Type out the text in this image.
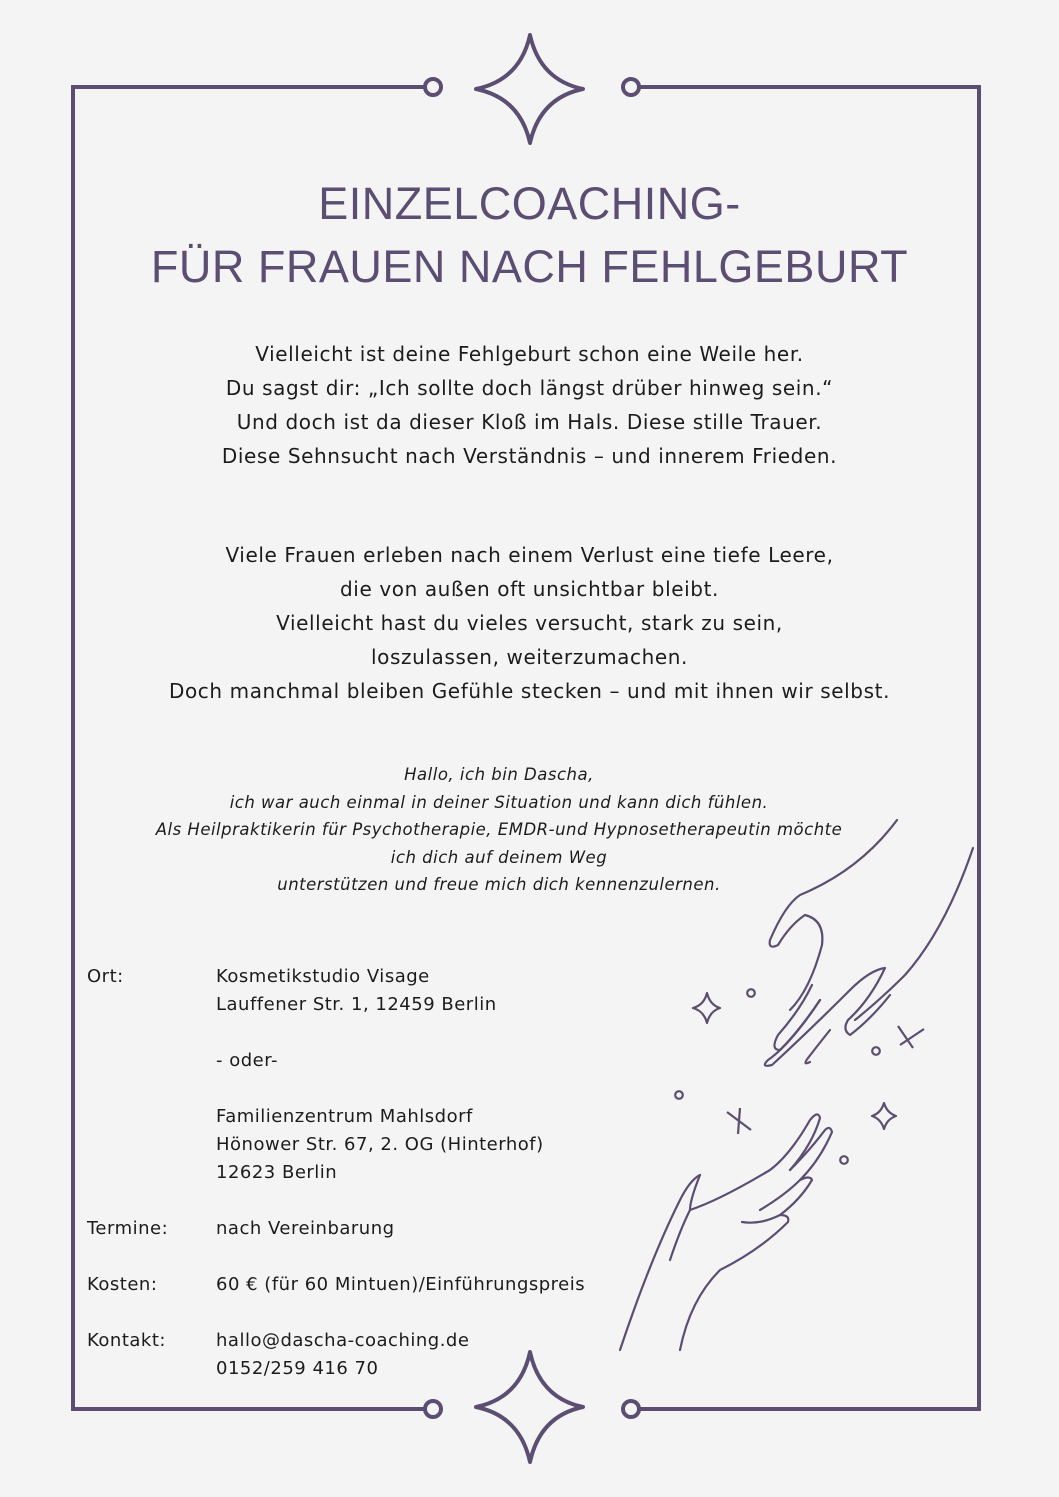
EINZELCOACHING-
FÜR FRAUEN NACH FEHLGEBURT
Vielleicht ist deine Fehlgeburt schon eine Weile her.
Du sagst dir: „Ich sollte doch längst drüber hinweg sein.“
Und doch ist da dieser Kloß im Hals. Diese stille Trauer.
Diese Sehnsucht nach Verständnis – und innerem Frieden.
Viele Frauen erleben nach einem Verlust eine tiefe Leere,
die von außen oft unsichtbar bleibt.
Vielleicht hast du vieles versucht, stark zu sein,
loszulassen, weiterzumachen.
Doch manchmal bleiben Gefühle stecken – und mit ihnen wir selbst.
Hallo, ich bin Dascha,
ich war auch einmal in deiner Situation und kann dich fühlen.
Als Heilpraktikerin für Psychotherapie, EMDR-und Hypnosetherapeutin möchte
ich dich auf deinem Weg
unterstützen und freue mich dich kennenzulernen.
Ort:	Kosmetikstudio Visage
Lauffener Str. 1, 12459 Berlin
- oder-
Familienzentrum Mahlsdorf
Hönower Str. 67, 2. OG (Hinterhof)
12623 Berlin
Termine:	nach Vereinbarung
Kosten:	60 € (für 60 Mintuen)/Einführungspreis
Kontakt:	hallo@dascha-coaching.de
0152/259 416 70
